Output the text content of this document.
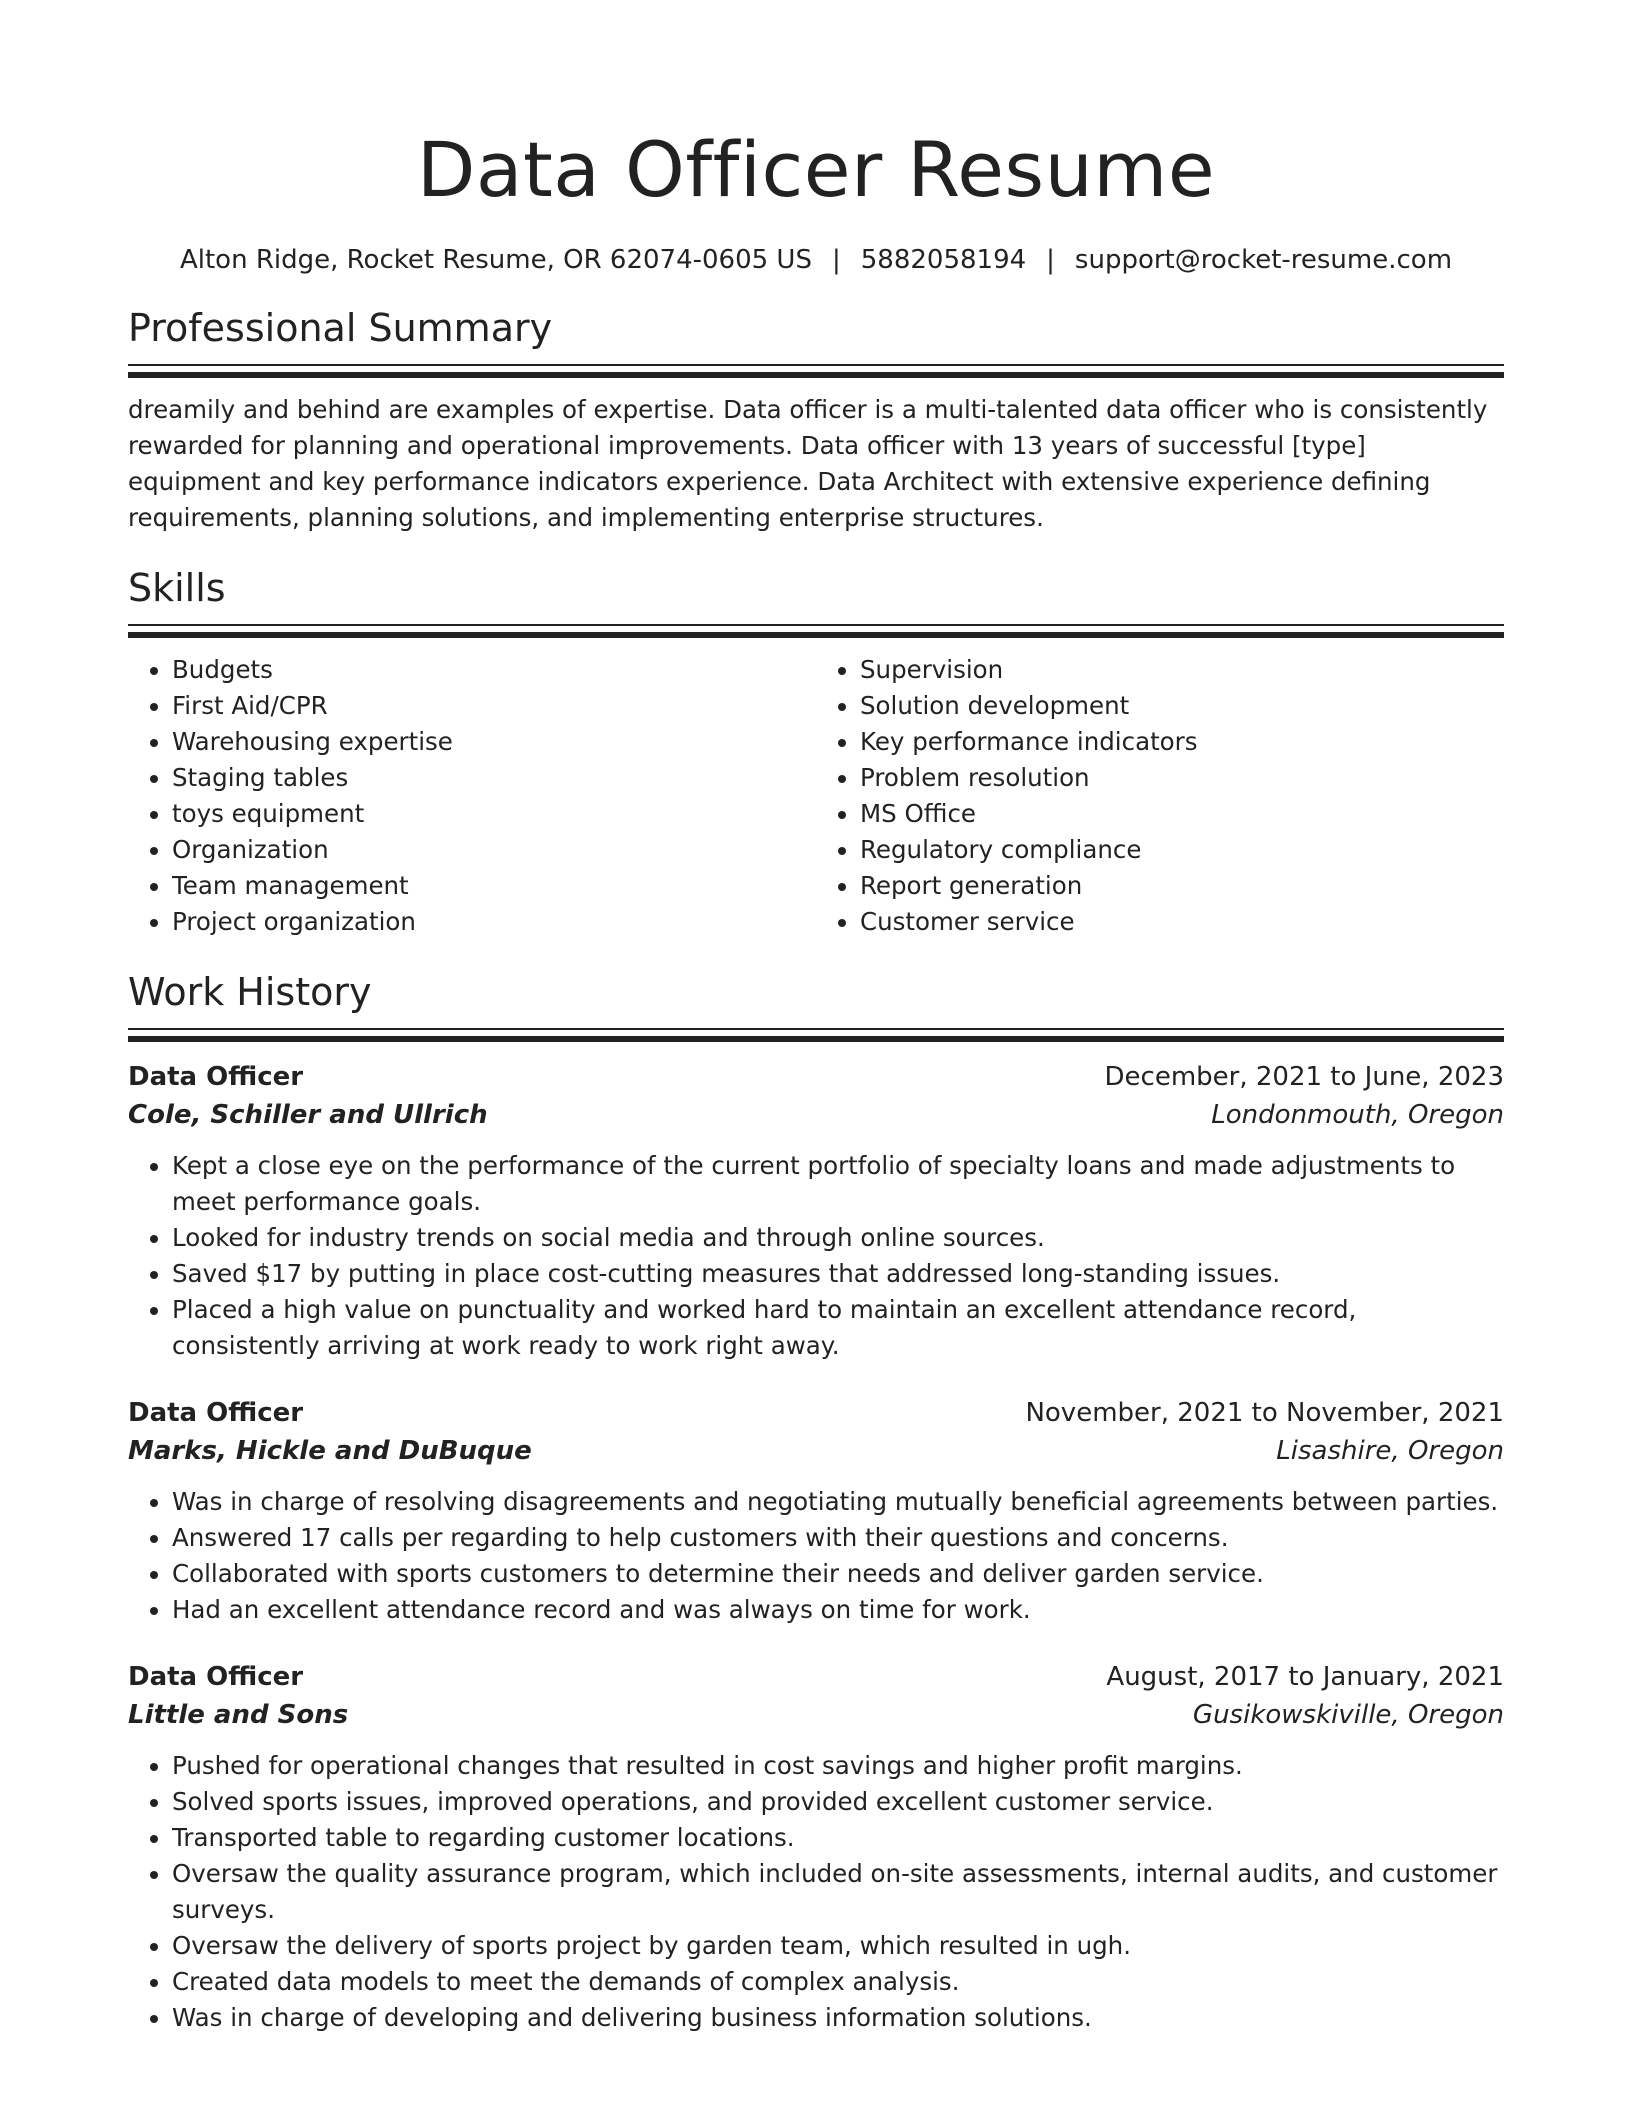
Data Officer Resume
Alton Ridge, Rocket Resume, OR 62074-0605 US | 5882058194 | support@rocket-resume.com
Professional Summary
dreamily and behind are examples of expertise. Data officer is a multi-talented data officer who is consistently rewarded for planning and operational improvements. Data officer with 13 years of successful [type] equipment and key performance indicators experience. Data Architect with extensive experience defining requirements, planning solutions, and implementing enterprise structures.
Skills
• Budgets
• First Aid/CPR
• Warehousing expertise
• Staging tables
• toys equipment
• Organization
• Team management
• Project organization
• Supervision
• Solution development
• Key performance indicators
• Problem resolution
• MS Office
• Regulatory compliance
• Report generation
• Customer service
Work History
Data Officer	December, 2021 to June, 2023
Cole, Schiller and Ullrich	Londonmouth, Oregon
• Kept a close eye on the performance of the current portfolio of specialty loans and made adjustments to meet performance goals.
• Looked for industry trends on social media and through online sources.
• Saved $17 by putting in place cost-cutting measures that addressed long-standing issues.
• Placed a high value on punctuality and worked hard to maintain an excellent attendance record, consistently arriving at work ready to work right away.
Data Officer	November, 2021 to November, 2021
Marks, Hickle and DuBuque	Lisashire, Oregon
• Was in charge of resolving disagreements and negotiating mutually beneficial agreements between parties.
• Answered 17 calls per regarding to help customers with their questions and concerns.
• Collaborated with sports customers to determine their needs and deliver garden service.
• Had an excellent attendance record and was always on time for work.
Data Officer	August, 2017 to January, 2021
Little and Sons	Gusikowskiville, Oregon
• Pushed for operational changes that resulted in cost savings and higher profit margins.
• Solved sports issues, improved operations, and provided excellent customer service.
• Transported table to regarding customer locations.
• Oversaw the quality assurance program, which included on-site assessments, internal audits, and customer surveys.
• Oversaw the delivery of sports project by garden team, which resulted in ugh.
• Created data models to meet the demands of complex analysis.
• Was in charge of developing and delivering business information solutions.
